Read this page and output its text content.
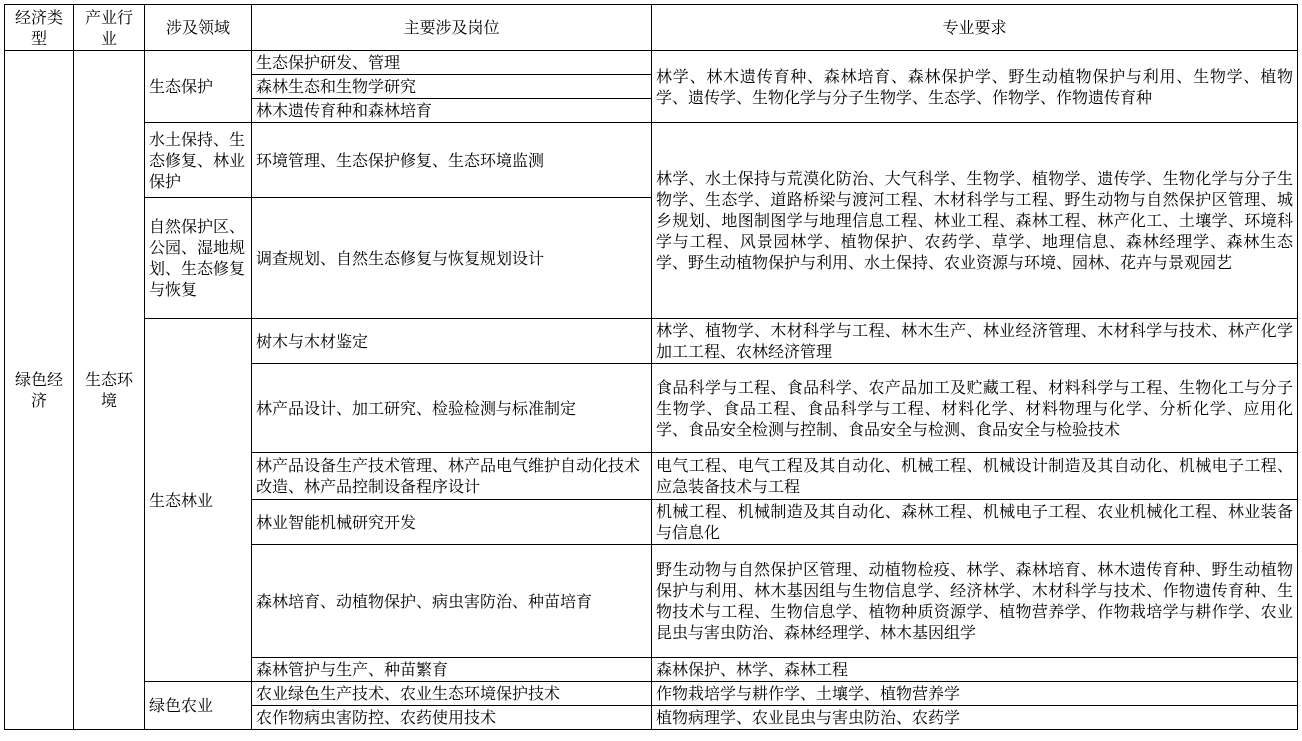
经济类型	产业行业	涉及领域	主要涉及岗位	专业要求
绿色经济	生态环境	生态保护	生态保护研发、管理	林学、林木遗传育种、森林培育、森林保护学、野生动植物保护与利用、生物学、植物学、遗传学、生物化学与分子生物学、生态学、作物学、作物遗传育种
			森林生态和生物学研究	
			林木遗传育种和森林培育	
		水土保持、生态修复、林业保护	环境管理、生态保护修复、生态环境监测	林学、水土保持与荒漠化防治、大气科学、生物学、植物学、遗传学、生物化学与分子生物学、生态学、道路桥梁与渡河工程、木材科学与工程、野生动物与自然保护区管理、城乡规划、地图制图学与地理信息工程、林业工程、森林工程、林产化工、土壤学、环境科学与工程、风景园林学、植物保护、农药学、草学、地理信息、森林经理学、森林生态学、野生动植物保护与利用、水土保持、农业资源与环境、园林、花卉与景观园艺
		自然保护区、公园、湿地规划、生态修复与恢复	调查规划、自然生态修复与恢复规划设计	
		生态林业	树木与木材鉴定	林学、植物学、木材科学与工程、林木生产、林业经济管理、木材科学与技术、林产化学加工工程、农林经济管理
			林产品设计、加工研究、检验检测与标准制定	食品科学与工程、食品科学、农产品加工及贮藏工程、材料科学与工程、生物化工与分子生物学、食品工程、食品科学与工程、材料化学、材料物理与化学、分析化学、应用化学、食品安全检测与控制、食品安全与检测、食品安全与检验技术
			林产品设备生产技术管理、林产品电气维护自动化技术改造、林产品控制设备程序设计	电气工程、电气工程及其自动化、机械工程、机械设计制造及其自动化、机械电子工程、应急装备技术与工程
			林业智能机械研究开发	机械工程、机械制造及其自动化、森林工程、机械电子工程、农业机械化工程、林业装备与信息化
			森林培育、动植物保护、病虫害防治、种苗培育	野生动物与自然保护区管理、动植物检疫、林学、森林培育、林木遗传育种、野生动植物保护与利用、林木基因组与生物信息学、经济林学、木材科学与技术、作物遗传育种、生物技术与工程、生物信息学、植物种质资源学、植物营养学、作物栽培学与耕作学、农业昆虫与害虫防治、森林经理学、林木基因组学
			森林管护与生产、种苗繁育	森林保护、林学、森林工程
		绿色农业	农业绿色生产技术、农业生态环境保护技术	作物栽培学与耕作学、土壤学、植物营养学
			农作物病虫害防控、农药使用技术	植物病理学、农业昆虫与害虫防治、农药学
